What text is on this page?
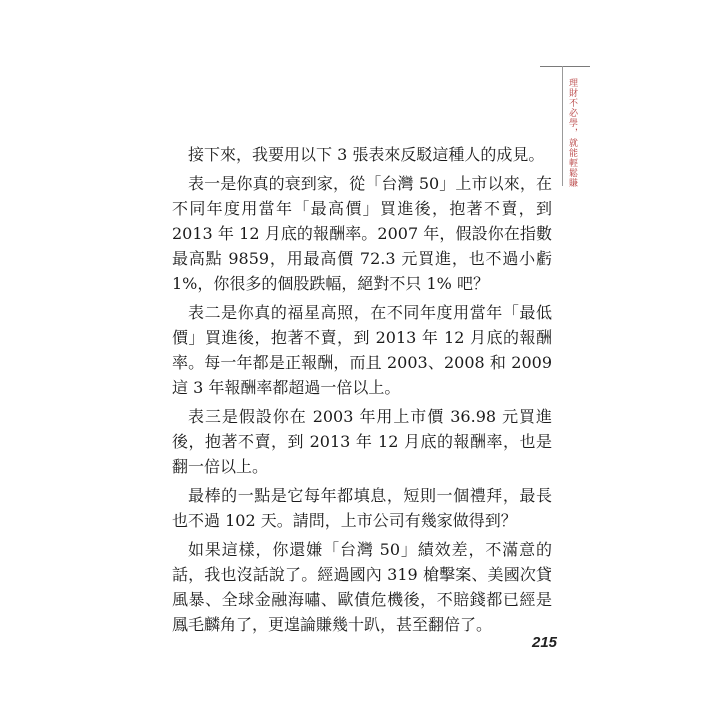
理財不必學，就能輕鬆賺

接下來，我要用以下 3 張表來反駁這種人的成見。

表一是你真的衰到家，從「台灣 50」上市以來，在不同年度用當年「最高價」買進後，抱著不賣，到 2013 年 12 月底的報酬率。2007 年，假設你在指數最高點 9859，用最高價 72.3 元買進，也不過小虧 1%，你很多的個股跌幅，絕對不只 1% 吧？

表二是你真的福星高照，在不同年度用當年「最低價」買進後，抱著不賣，到 2013 年 12 月底的報酬率。每一年都是正報酬，而且 2003、2008 和 2009 這 3 年報酬率都超過一倍以上。

表三是假設你在 2003 年用上市價 36.98 元買進後，抱著不賣，到 2013 年 12 月底的報酬率，也是翻一倍以上。

最棒的一點是它每年都填息，短則一個禮拜，最長也不過 102 天。請問，上市公司有幾家做得到？

如果這樣，你還嫌「台灣 50」績效差，不滿意的話，我也沒話說了。經過國內 319 槍擊案、美國次貸風暴、全球金融海嘯、歐債危機後，不賠錢都已經是鳳毛麟角了，更遑論賺幾十趴，甚至翻倍了。

215
